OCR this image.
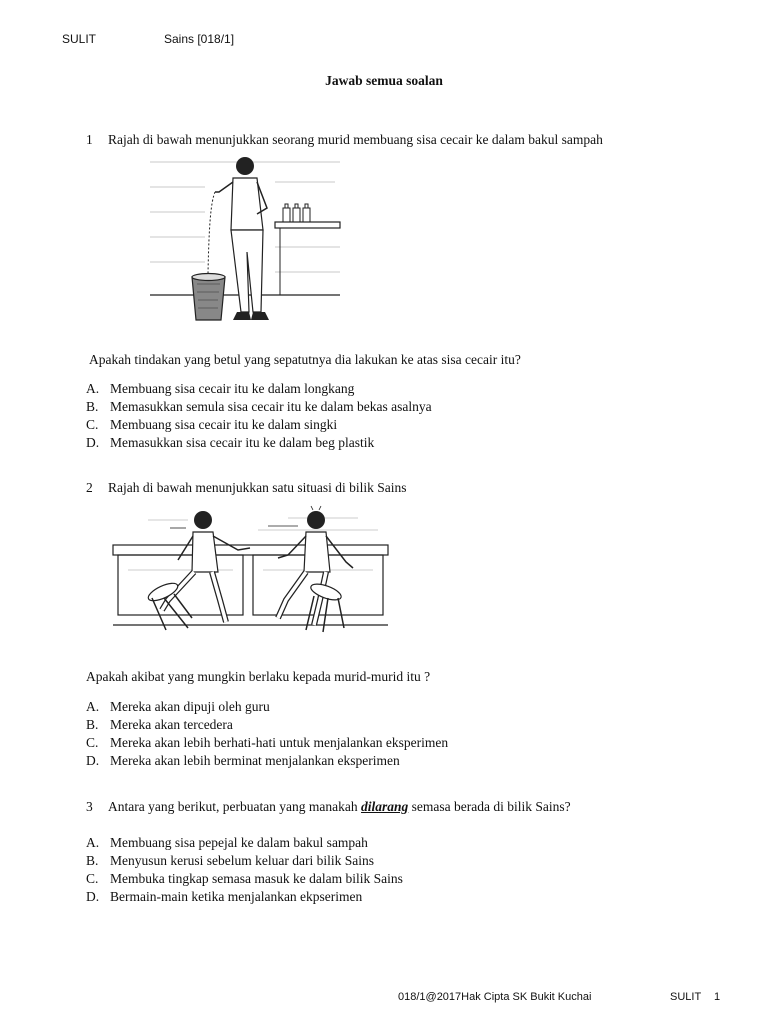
SULIT	Sains [018/1]
Jawab semua soalan
1 Rajah di bawah menunjukkan seorang murid membuang sisa cecair ke dalam bakul sampah
Apakah tindakan yang betul yang sepatutnya dia lakukan ke atas sisa cecair itu?
A. Membuang sisa cecair itu ke dalam longkang
B. Memasukkan semula sisa cecair itu ke dalam bekas asalnya
C. Membuang sisa cecair itu ke dalam singki
D. Memasukkan sisa cecair itu ke dalam beg plastik
2 Rajah di bawah menunjukkan satu situasi di bilik Sains
Apakah akibat yang mungkin berlaku kepada murid-murid itu ?
A. Mereka akan dipuji oleh guru
B. Mereka akan tercedera
C. Mereka akan lebih berhati-hati untuk menjalankan eksperimen
D. Mereka akan lebih berminat menjalankan eksperimen
3 Antara yang berikut, perbuatan yang manakah dilarang semasa berada di bilik Sains?
A. Membuang sisa pepejal ke dalam bakul sampah
B. Menyusun kerusi sebelum keluar dari bilik Sains
C. Membuka tingkap semasa masuk ke dalam bilik Sains
D. Bermain-main ketika menjalankan ekpserimen
018/1@2017Hak Cipta SK Bukit Kuchai	SULIT 1
